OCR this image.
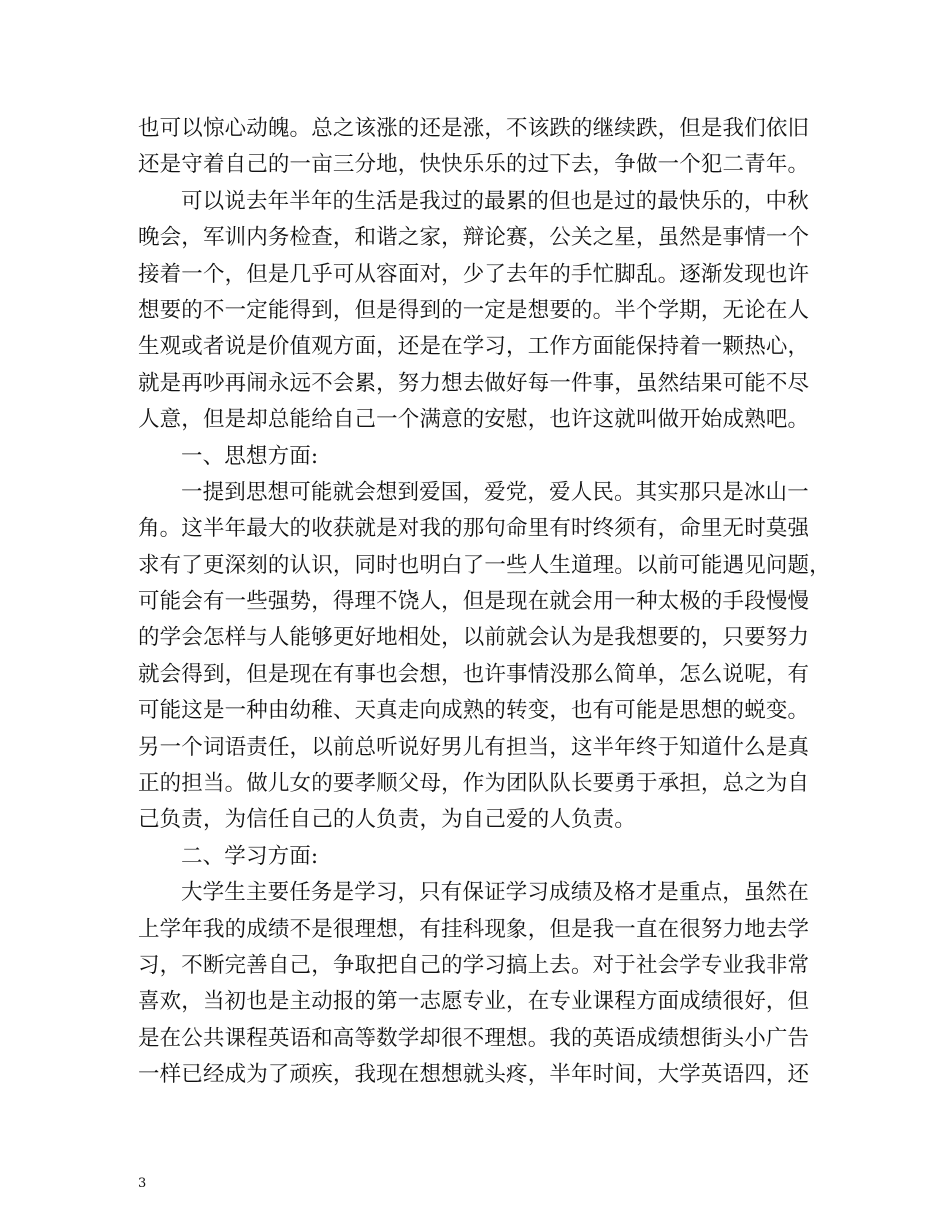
也可以惊心动魄。总之该涨的还是涨，不该跌的继续跌，但是我们依旧
还是守着自己的一亩三分地，快快乐乐的过下去，争做一个犯二青年。
可以说去年半年的生活是我过的最累的但也是过的最快乐的，中秋
晚会，军训内务检查，和谐之家，辩论赛，公关之星，虽然是事情一个
接着一个，但是几乎可从容面对，少了去年的手忙脚乱。逐渐发现也许
想要的不一定能得到，但是得到的一定是想要的。半个学期，无论在人
生观或者说是价值观方面，还是在学习，工作方面能保持着一颗热心，
就是再吵再闹永远不会累，努力想去做好每一件事，虽然结果可能不尽
人意，但是却总能给自己一个满意的安慰，也许这就叫做开始成熟吧。
一、思想方面:
一提到思想可能就会想到爱国，爱党，爱人民。其实那只是冰山一
角。这半年最大的收获就是对我的那句命里有时终须有，命里无时莫强
求有了更深刻的认识，同时也明白了一些人生道理。以前可能遇见问题，
可能会有一些强势，得理不饶人，但是现在就会用一种太极的手段慢慢
的学会怎样与人能够更好地相处，以前就会认为是我想要的，只要努力
就会得到，但是现在有事也会想，也许事情没那么简单，怎么说呢，有
可能这是一种由幼稚、天真走向成熟的转变，也有可能是思想的蜕变。
另一个词语责任，以前总听说好男儿有担当，这半年终于知道什么是真
正的担当。做儿女的要孝顺父母，作为团队队长要勇于承担，总之为自
己负责，为信任自己的人负责，为自己爱的人负责。
二、学习方面:
大学生主要任务是学习，只有保证学习成绩及格才是重点，虽然在
上学年我的成绩不是很理想，有挂科现象，但是我一直在很努力地去学
习，不断完善自己，争取把自己的学习搞上去。对于社会学专业我非常
喜欢，当初也是主动报的第一志愿专业，在专业课程方面成绩很好，但
是在公共课程英语和高等数学却很不理想。我的英语成绩想街头小广告
一样已经成为了顽疾，我现在想想就头疼，半年时间，大学英语四，还
3
